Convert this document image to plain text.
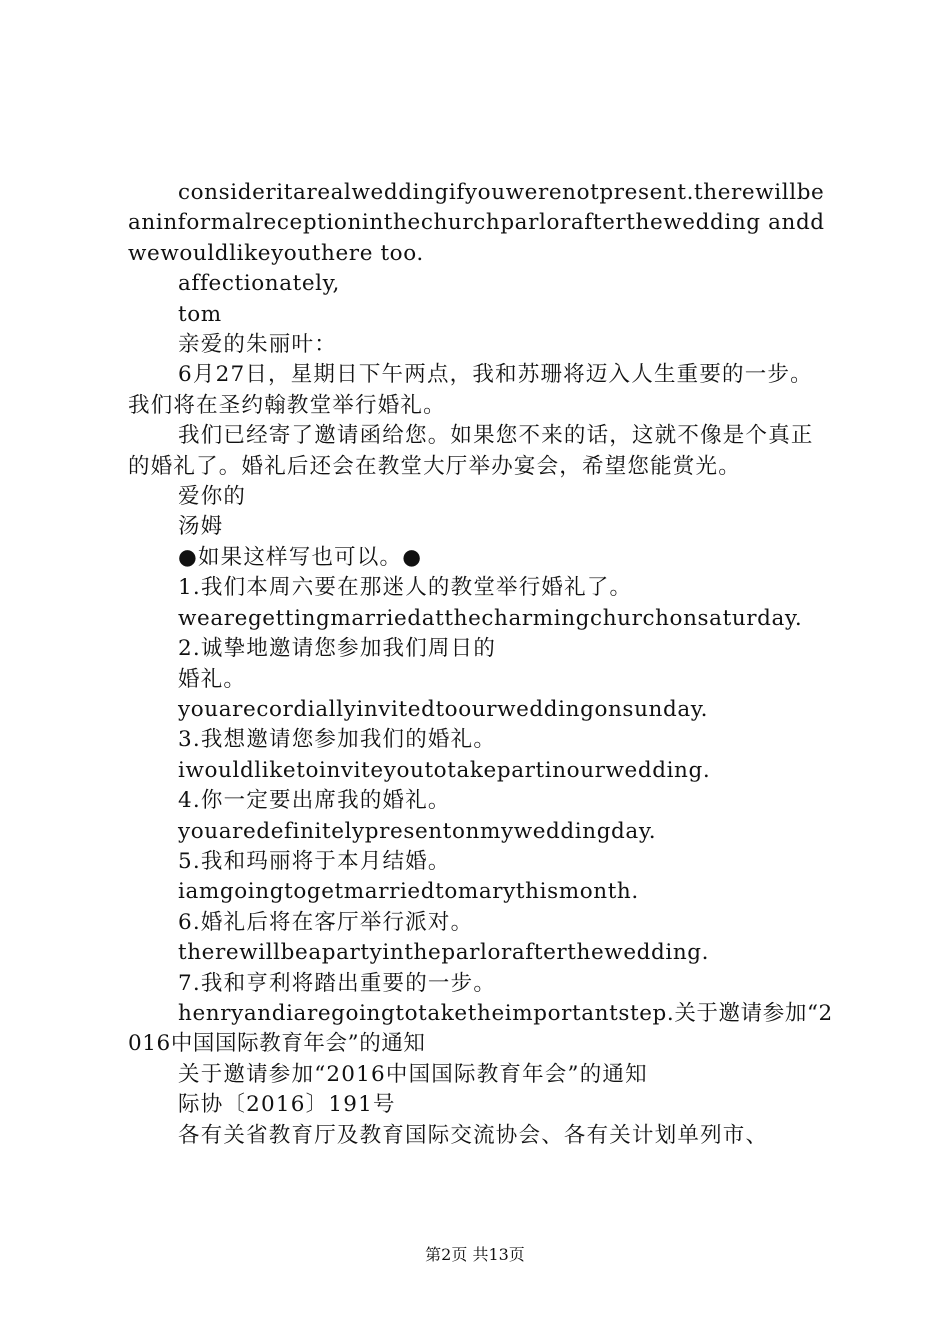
consideritarealweddingifyouwerenotpresent.therewillbeaninformalreceptioninthechurchparlorafterthewedding anddwewouldlikeyouthere too.

affectionately,

tom

亲爱的朱丽叶：

6月27日，星期日下午两点，我和苏珊将迈入人生重要的一步。我们将在圣约翰教堂举行婚礼。

我们已经寄了邀请函给您。如果您不来的话，这就不像是个真正的婚礼了。婚礼后还会在教堂大厅举办宴会，希望您能赏光。

爱你的

汤姆

●如果这样写也可以。●

1.我们本周六要在那迷人的教堂举行婚礼了。

wearegettingmarriedatthecharmingchurchonsaturday.

2.诚挚地邀请您参加我们周日的

婚礼。

youarecordiallyinvitedtoourweddingonsunday.

3.我想邀请您参加我们的婚礼。

iwouldliketoinviteyoutotakepartinourwedding.

4.你一定要出席我的婚礼。

youaredefinitelypresentonmyweddingday.

5.我和玛丽将于本月结婚。

iamgoingtogetmarriedtomarythismonth.

6.婚礼后将在客厅举行派对。

therewillbeapartyintheparlorafterthewedding.

7.我和亨利将踏出重要的一步。

henryandiaregoingtotaketheimportantstep.关于邀请参加“2016中国国际教育年会”的通知

关于邀请参加“2016中国国际教育年会”的通知

际协〔2016〕191号

各有关省教育厅及教育国际交流协会、各有关计划单列市、

第2页 共13页
